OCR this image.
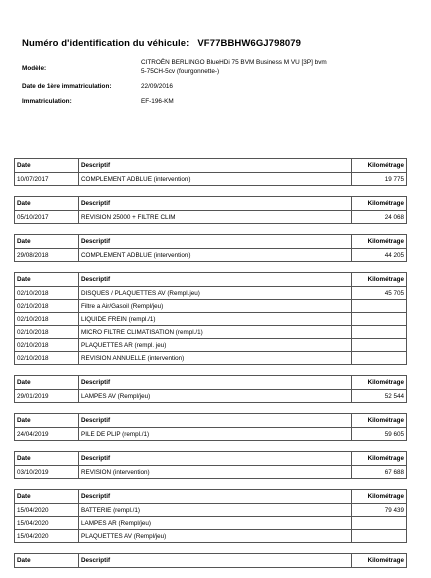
Numéro d'identification du véhicule: VF77BBHW6GJ798079
Modèle:
CITROËN BERLINGO BlueHDi 75 BVM Business M VU [3P] bvm
5-75CH-5cv (fourgonnette-)
Date de 1ère immatriculation:	22/09/2016
Immatriculation:	EF-196-KM
Date	Descriptif	Kilométrage
10/07/2017	COMPLEMENT ADBLUE (intervention)	19 775
Date	Descriptif	Kilométrage
05/10/2017	REVISION 25000 + FILTRE CLIM	24 068
Date	Descriptif	Kilométrage
29/08/2018	COMPLEMENT ADBLUE (intervention)	44 205
Date	Descriptif	Kilométrage
02/10/2018	DISQUES / PLAQUETTES AV (Rempl.jeu)	45 705
02/10/2018	Filtre a Air/Gasoil (Rempl/jeu)	
02/10/2018	LIQUIDE FREIN (rempl./1)	
02/10/2018	MICRO FILTRE CLIMATISATION (rempl./1)	
02/10/2018	PLAQUETTES AR (rempl. jeu)	
02/10/2018	REVISION ANNUELLE (intervention)	
Date	Descriptif	Kilométrage
29/01/2019	LAMPES AV (Rempl/jeu)	52 544
Date	Descriptif	Kilométrage
24/04/2019	PILE DE PLIP (rempl./1)	59 605
Date	Descriptif	Kilométrage
03/10/2019	REVISION (intervention)	67 688
Date	Descriptif	Kilométrage
15/04/2020	BATTERIE (rempl./1)	79 439
15/04/2020	LAMPES AR (Rempl/jeu)	
15/04/2020	PLAQUETTES AV (Rempl/jeu)	
Date	Descriptif	Kilométrage
